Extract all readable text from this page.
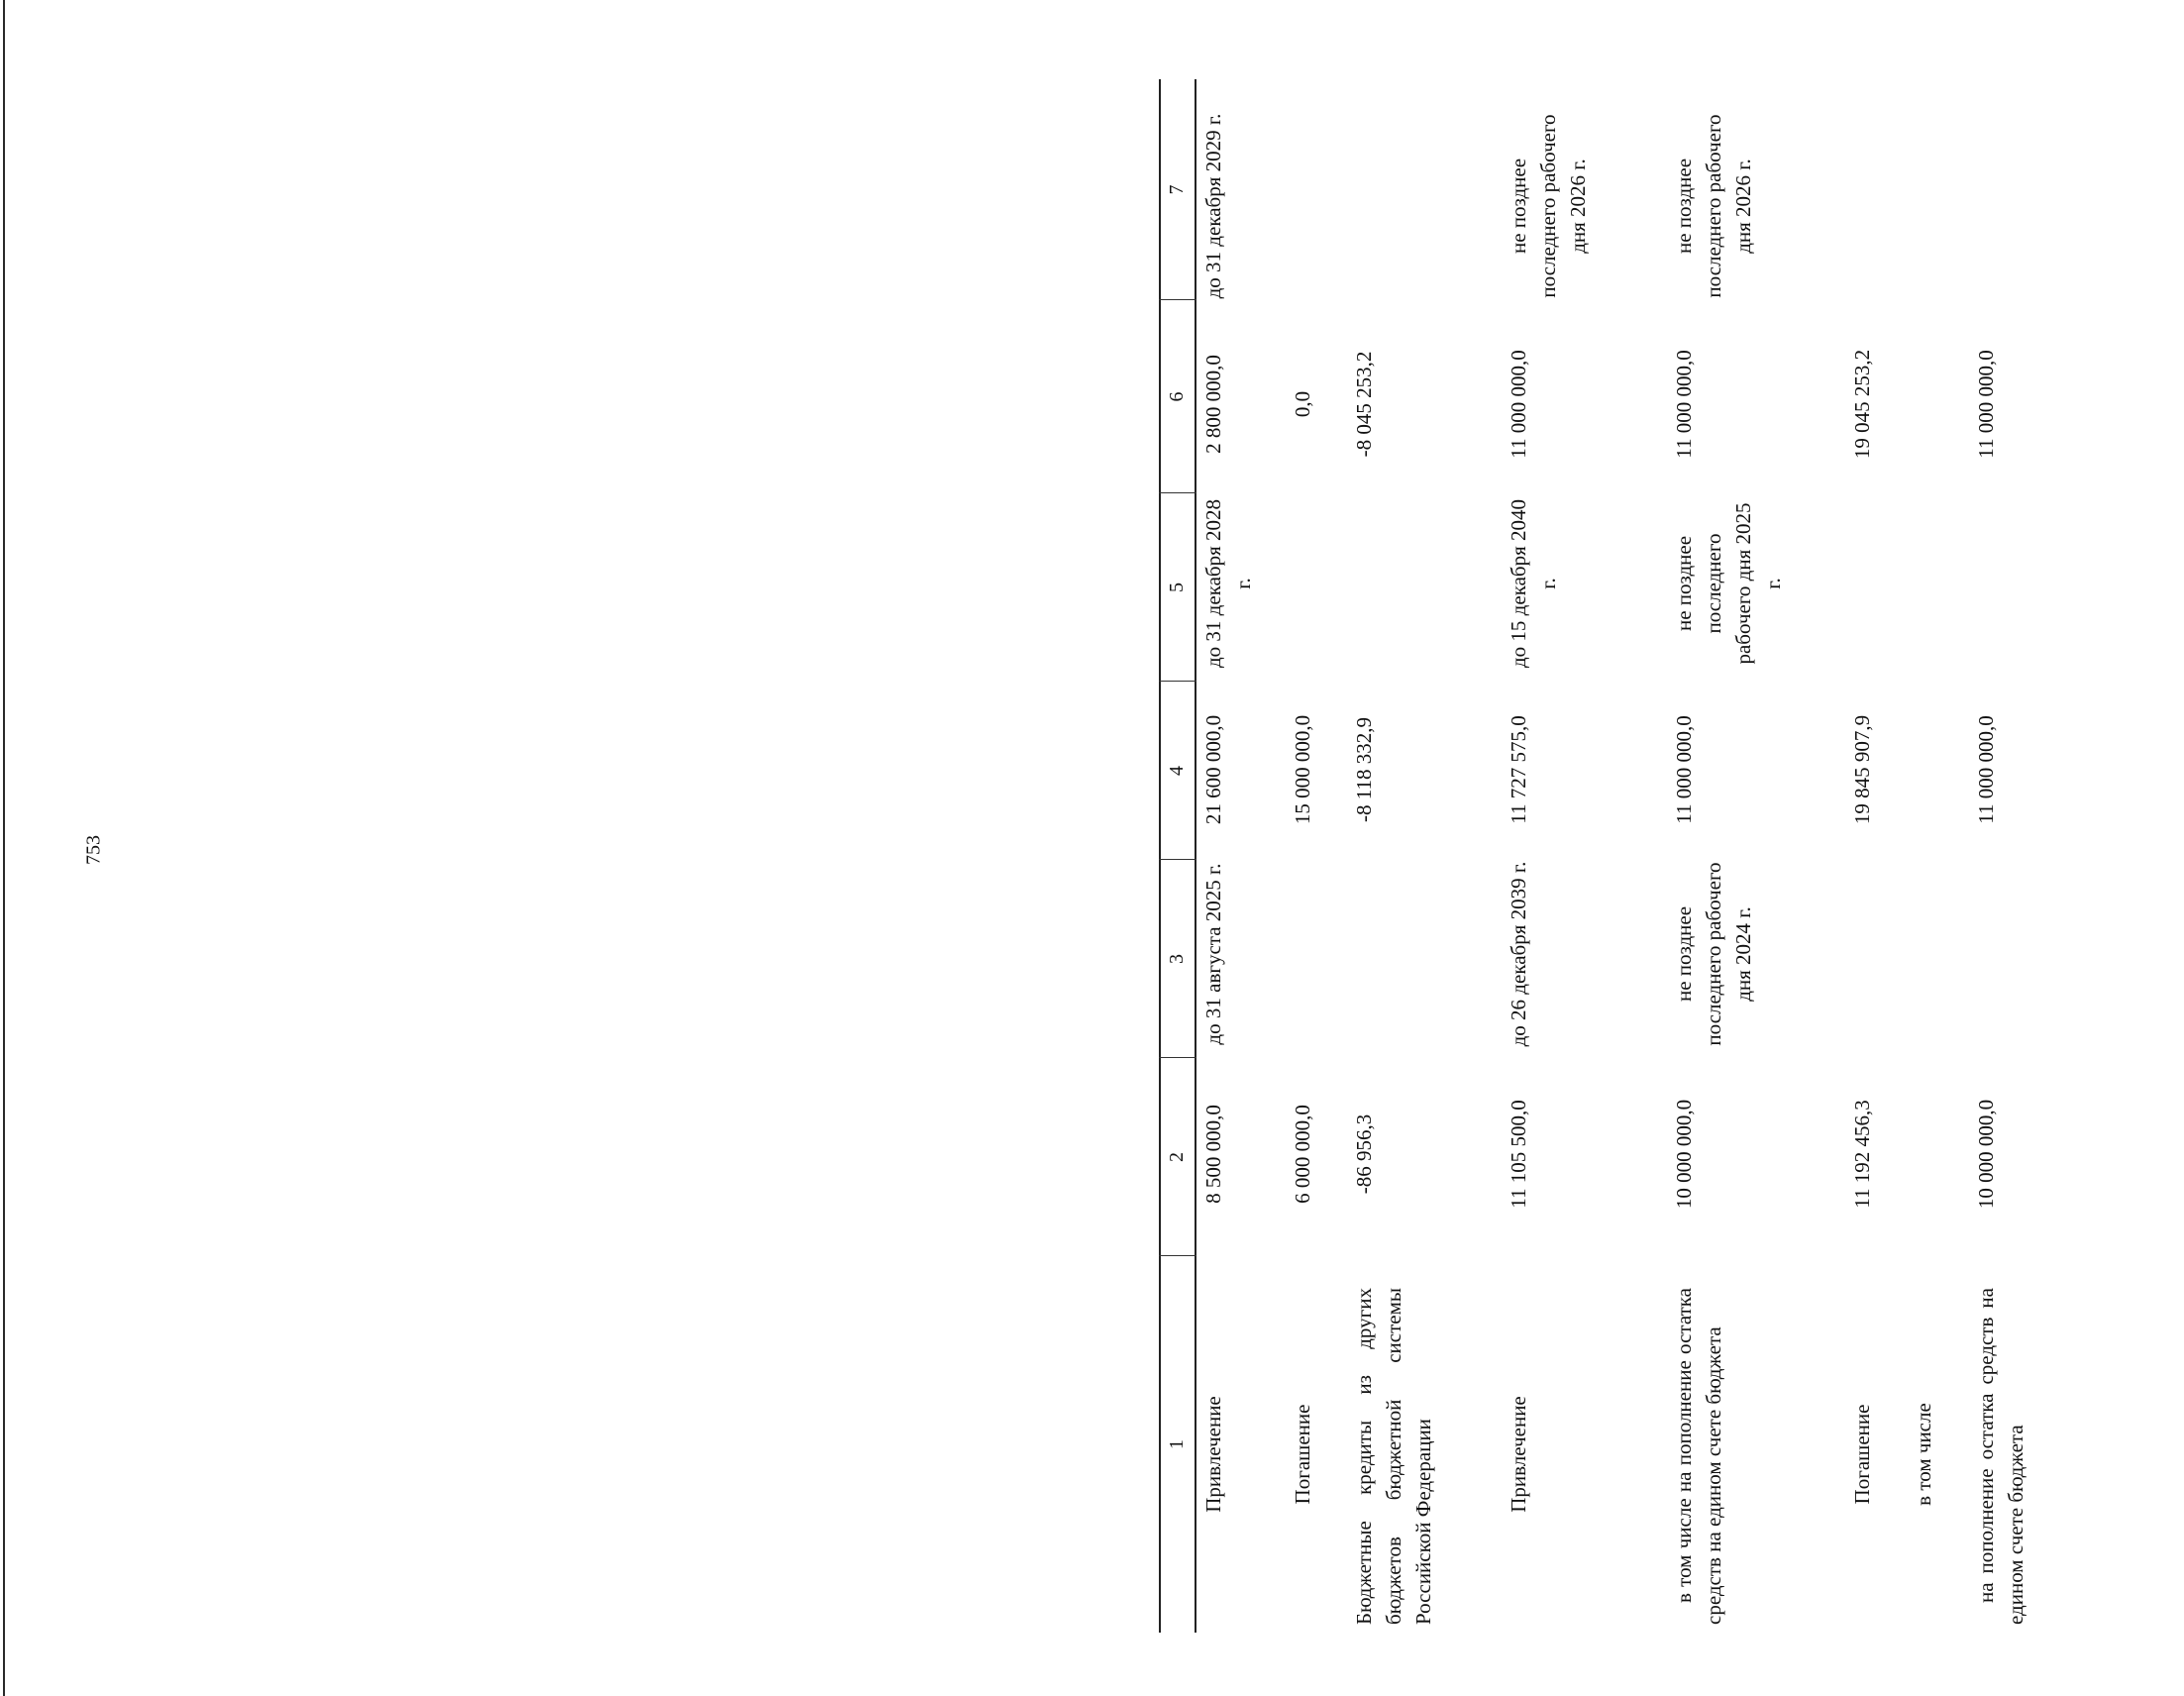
753
1
2
3
4
5
6
7
Привлечение
8 500 000,0
до 31 августа 2025 г.
21 600 000,0
до 31 декабря 2028 г.
2 800 000,0
до 31 декабря 2029 г.
Погашение
6 000 000,0
15 000 000,0
0,0
Бюджетные кредиты из других бюджетов бюджетной системы Российской Федерации
-86 956,3
-8 118 332,9
-8 045 253,2
Привлечение
11 105 500,0
до 26 декабря 2039 г.
11 727 575,0
до 15 декабря 2040 г.
11 000 000,0
не позднее последнего рабочего дня 2026 г.
в том числе на пополнение остатка средств на едином счете бюджета
10 000 000,0
не позднее последнего рабочего дня 2024 г.
11 000 000,0
не позднее последнего рабочего дня 2025 г.
11 000 000,0
не позднее последнего рабочего дня 2026 г.
Погашение
11 192 456,3
19 845 907,9
19 045 253,2
в том числе на пополнение остатка средств на едином счете бюджета
10 000 000,0
11 000 000,0
11 000 000,0
